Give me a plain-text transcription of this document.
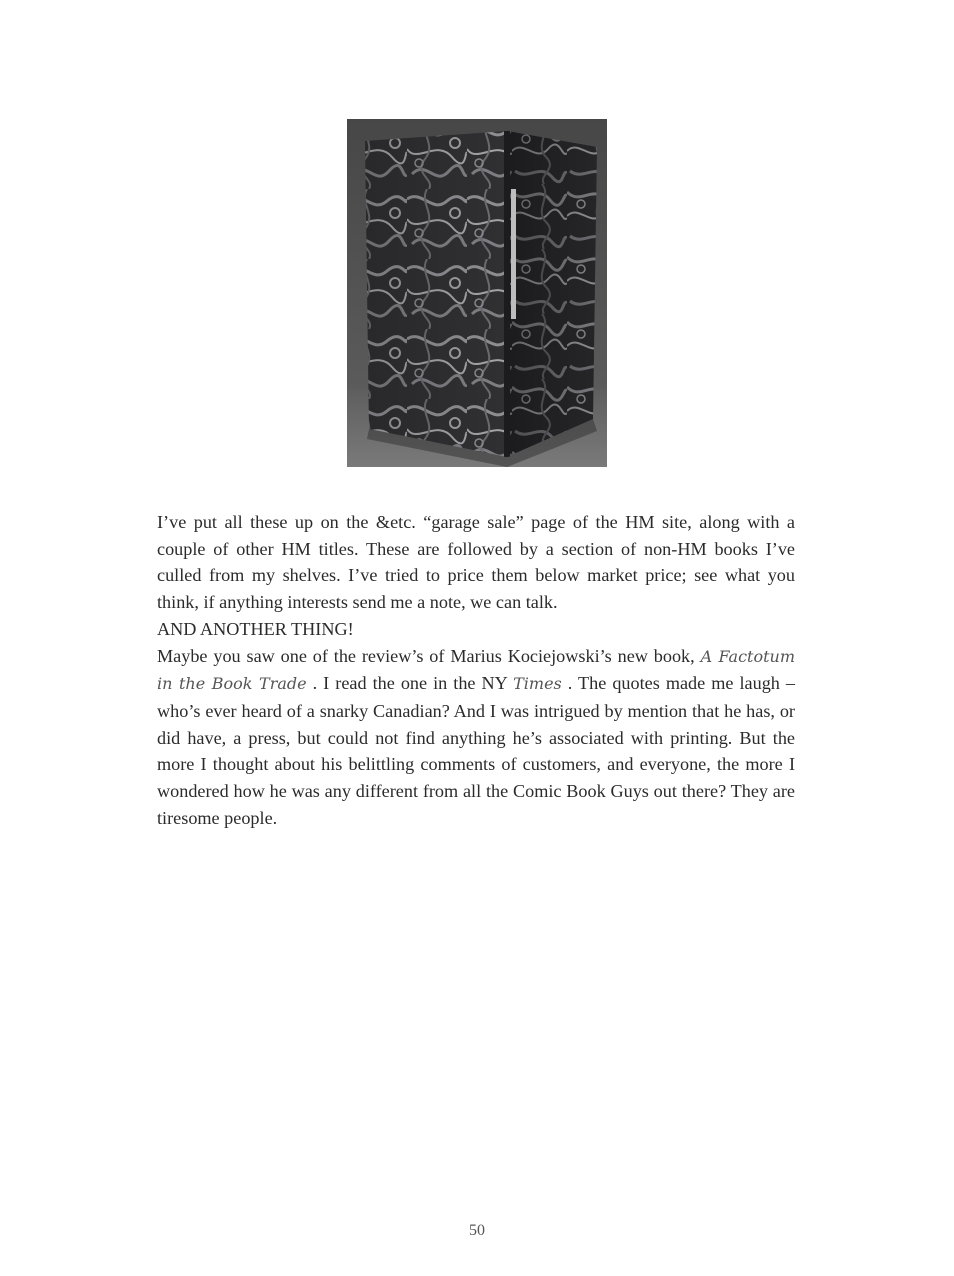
I’ve put all these up on the &etc. “garage sale” page of the HM site, along with a couple of other HM titles. These are followed by a section of non-HM books I’ve culled from my shelves. I’ve tried to price them below market price; see what you think, if anything interests send me a note, we can talk.

AND ANOTHER THING!

Maybe you saw one of the review’s of Marius Kociejowski’s new book, A Factotum in the Book Trade . I read the one in the NY Times . The quotes made me laugh – who’s ever heard of a snarky Canadian? And I was intrigued by mention that he has, or did have, a press, but could not find anything he’s associated with printing. But the more I thought about his belittling comments of customers, and everyone, the more I wondered how he was any different from all the Comic Book Guys out there? They are tiresome people.

50
